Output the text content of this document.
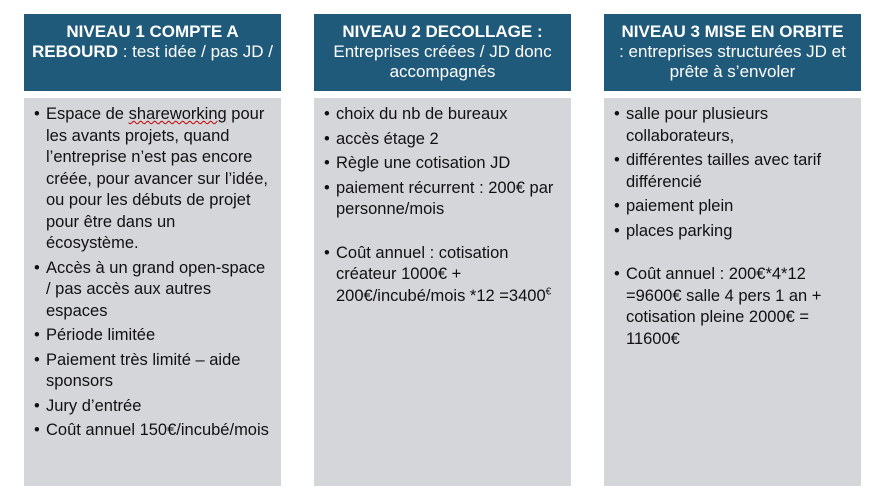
NIVEAU 1 COMPTE A REBOURD : test idée / pas JD /
• Espace de shareworking pour les avants projets, quand l’entreprise n’est pas encore créée, pour avancer sur l’idée, ou pour les débuts de projet pour être dans un écosystème.
• Accès à un grand open-space / pas accès aux autres espaces
• Période limitée
• Paiement très limité – aide sponsors
• Jury d’entrée
• Coût annuel 150€/incubé/mois
NIVEAU 2 DECOLLAGE :
Entreprises créées / JD donc accompagnés
• choix du nb de bureaux
• accès étage 2
• Règle une cotisation JD
• paiement récurrent : 200€ par personne/mois
• Coût annuel : cotisation créateur 1000€ + 200€/incubé/mois *12 =3400€
NIVEAU 3 MISE EN ORBITE
: entreprises structurées JD et prête à s’envoler
• salle pour plusieurs collaborateurs,
• différentes tailles avec tarif différencié
• paiement plein
• places parking
• Coût annuel : 200€*4*12 =9600€ salle 4 pers 1 an + cotisation pleine 2000€ = 11600€
